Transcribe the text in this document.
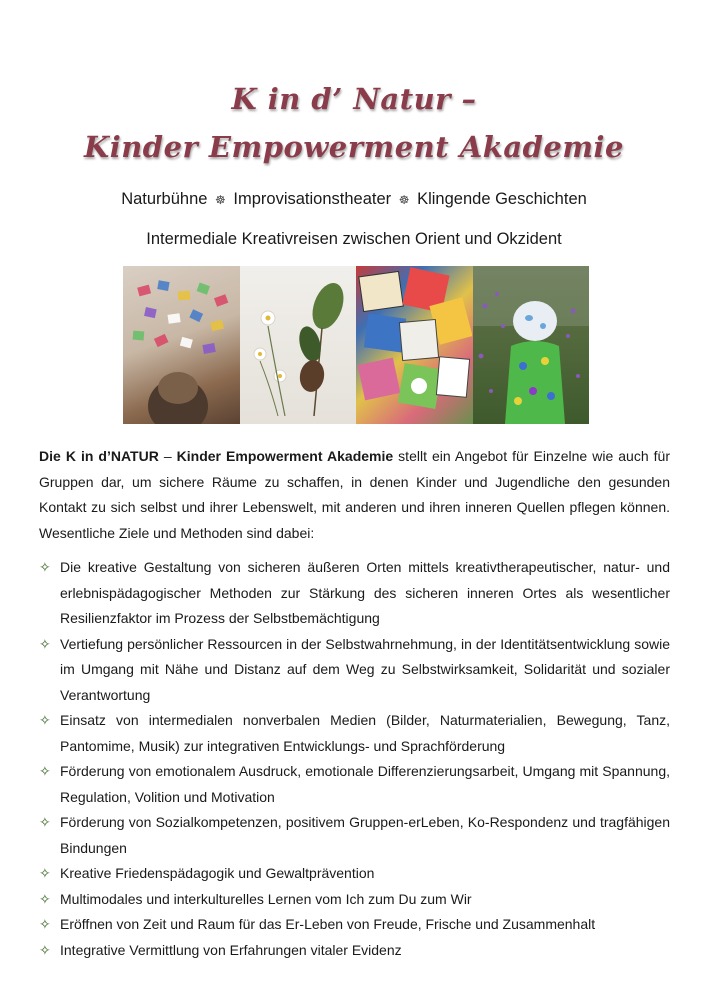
K in d’ Natur –
Kinder Empowerment Akademie
Naturbühne ☸ Improvisationstheater ☸ Klingende Geschichten
Intermediale Kreativreisen zwischen Orient und Okzident
Die K in d’NATUR – Kinder Empowerment Akademie stellt ein Angebot für Einzelne wie auch für Gruppen dar, um sichere Räume zu schaffen, in denen Kinder und Jugendliche den gesunden Kontakt zu sich selbst und ihrer Lebenswelt, mit anderen und ihren inneren Quellen pflegen können. Wesentliche Ziele und Methoden sind dabei:
✧ Die kreative Gestaltung von sicheren äußeren Orten mittels kreativtherapeutischer, natur- und erlebnispädagogischer Methoden zur Stärkung des sicheren inneren Ortes als wesentlicher Resilienzfaktor im Prozess der Selbstbemächtigung
✧ Vertiefung persönlicher Ressourcen in der Selbstwahrnehmung, in der Identitätsentwicklung sowie im Umgang mit Nähe und Distanz auf dem Weg zu Selbstwirksamkeit, Solidarität und sozialer Verantwortung
✧ Einsatz von intermedialen nonverbalen Medien (Bilder, Naturmaterialien, Bewegung, Tanz, Pantomime, Musik) zur integrativen Entwicklungs- und Sprachförderung
✧ Förderung von emotionalem Ausdruck, emotionale Differenzierungsarbeit, Umgang mit Spannung, Regulation, Volition und Motivation
✧ Förderung von Sozialkompetenzen, positivem Gruppen-erLeben, Ko-Respondenz und tragfähigen Bindungen
✧ Kreative Friedenspädagogik und Gewaltprävention
✧ Multimodales und interkulturelles Lernen vom Ich zum Du zum Wir
✧ Eröffnen von Zeit und Raum für das Er-Leben von Freude, Frische und Zusammenhalt
✧ Integrative Vermittlung von Erfahrungen vitaler Evidenz
